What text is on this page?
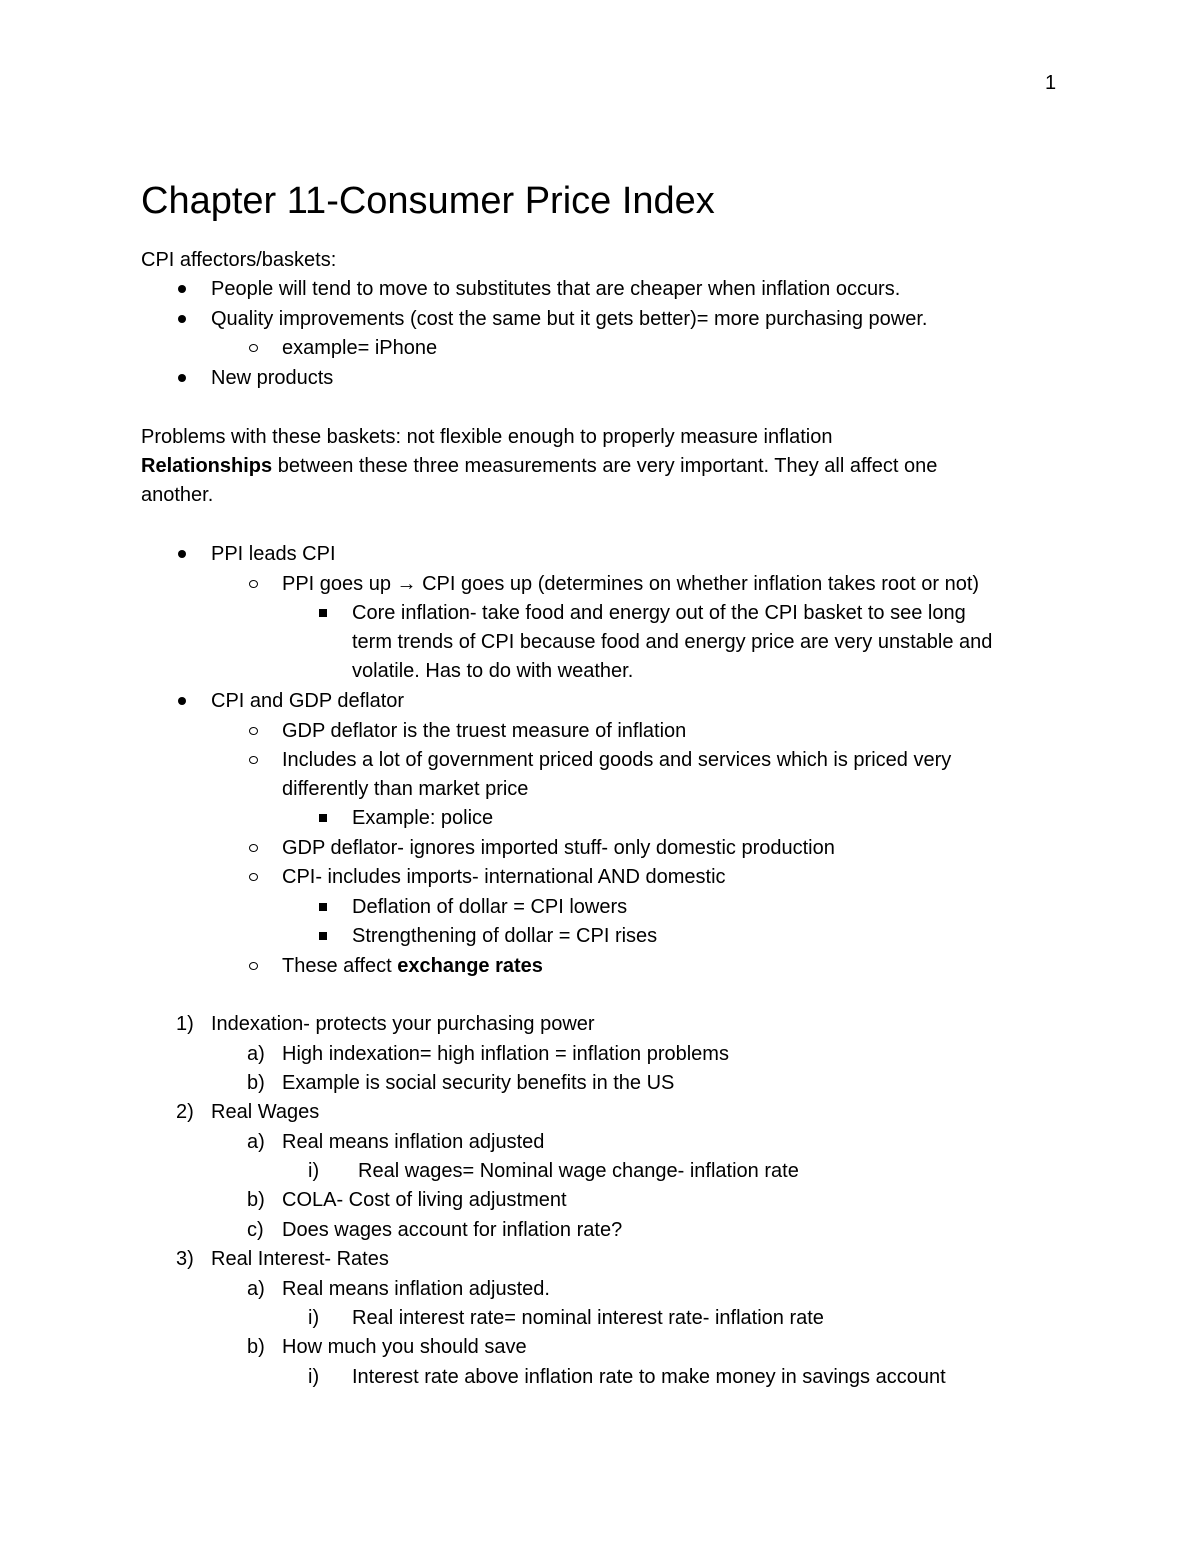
1
Chapter 11-Consumer Price Index
CPI affectors/baskets:
People will tend to move to substitutes that are cheaper when inflation occurs.
Quality improvements (cost the same but it gets better)= more purchasing power.
example= iPhone
New products
Problems with these baskets: not flexible enough to properly measure inflation
Relationships between these three measurements are very important. They all affect one
another.
PPI leads CPI
PPI goes up → CPI goes up (determines on whether inflation takes root or not)
Core inflation- take food and energy out of the CPI basket to see long
term trends of CPI because food and energy price are very unstable and
volatile. Has to do with weather.
CPI and GDP deflator
GDP deflator is the truest measure of inflation
Includes a lot of government priced goods and services which is priced very
differently than market price
Example: police
GDP deflator- ignores imported stuff- only domestic production
CPI- includes imports- international AND domestic
Deflation of dollar = CPI lowers
Strengthening of dollar = CPI rises
These affect exchange rates
1) Indexation- protects your purchasing power
a) High indexation= high inflation = inflation problems
b) Example is social security benefits in the US
2) Real Wages
a) Real means inflation adjusted
i) Real wages= Nominal wage change- inflation rate
b) COLA- Cost of living adjustment
c) Does wages account for inflation rate?
3) Real Interest- Rates
a) Real means inflation adjusted.
i) Real interest rate= nominal interest rate- inflation rate
b) How much you should save
i) Interest rate above inflation rate to make money in savings account
